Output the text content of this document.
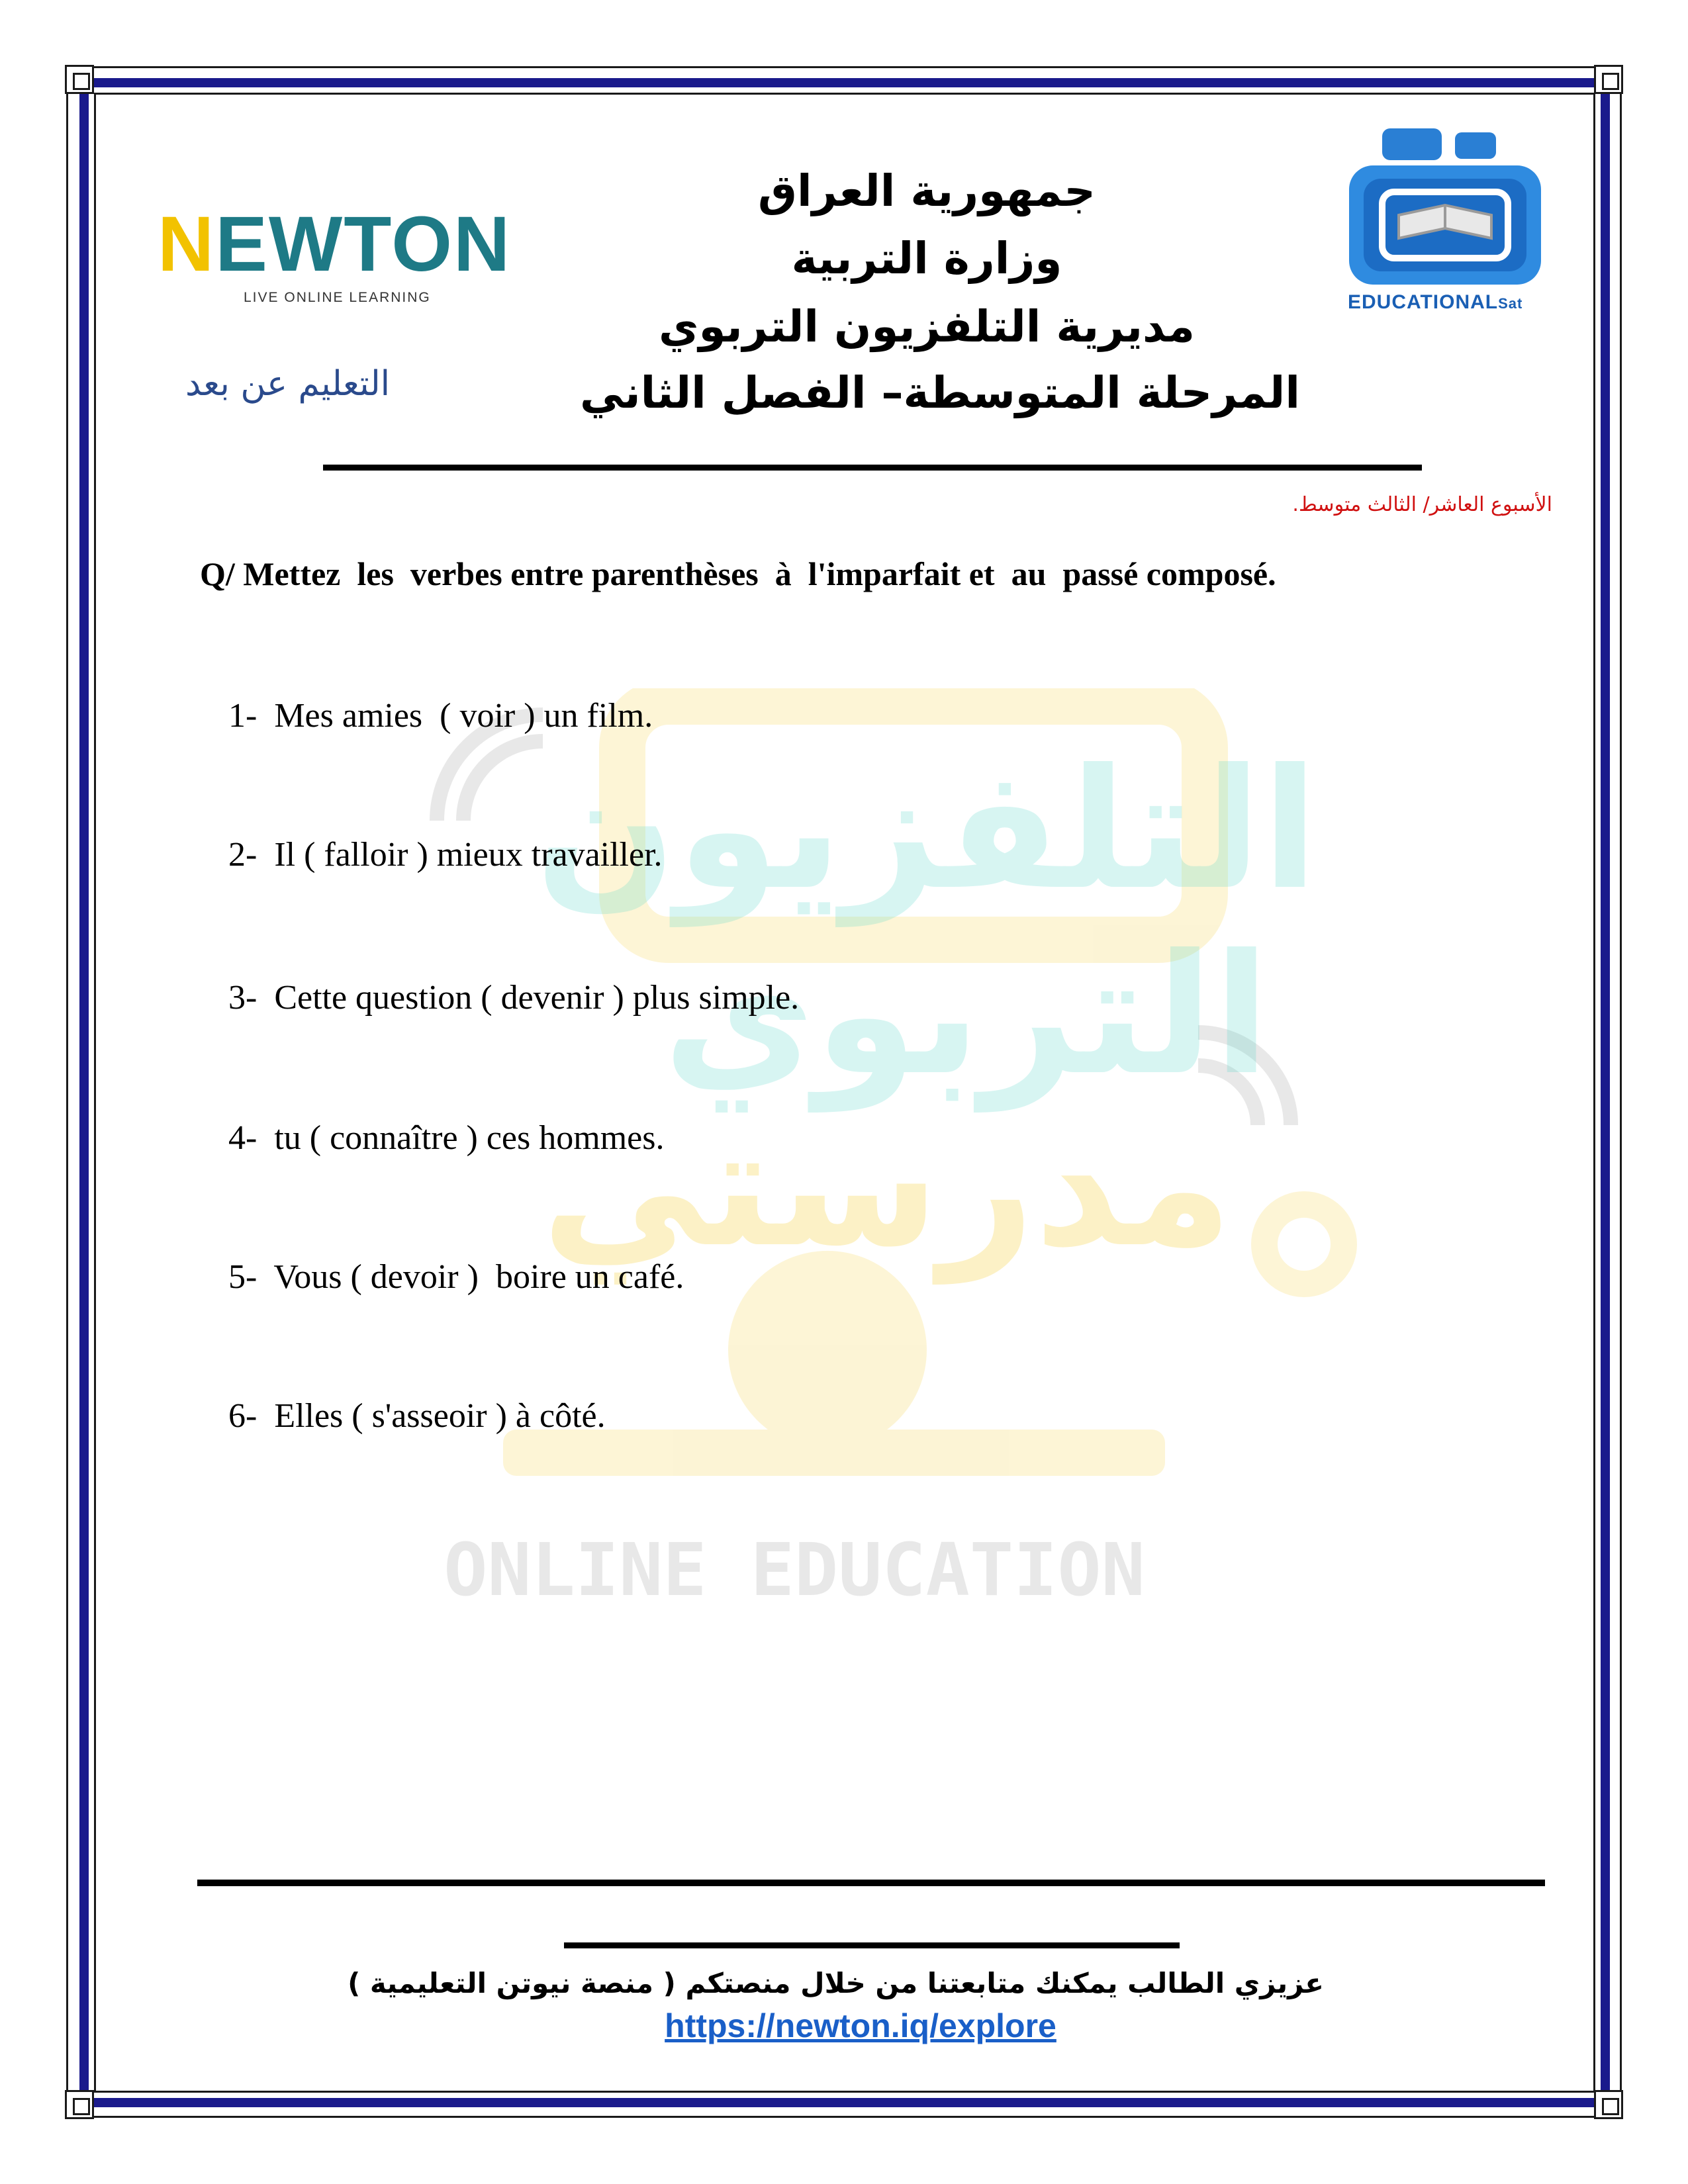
التلفزيون
التربوي
مدرستي
ONLINE EDUCATION
NEWTON
LIVE ONLINE LEARNING
التعليم عن بعد
EDUCATIONALSat
جمهورية العراق
وزارة التربية
مديرية التلفزيون التربوي
المرحلة المتوسطة– الفصل الثاني
الأسبوع العاشر/ الثالث متوسط.
Q/ Mettez  les  verbes entre parenthèses  à  l'imparfait et  au  passé composé.
1-  Mes amies  ( voir ) un film.
2-  Il ( falloir ) mieux travailler.
3-  Cette question ( devenir ) plus simple.
4-  tu ( connaître ) ces hommes.
5-  Vous ( devoir )  boire un café.
6-  Elles ( s'asseoir ) à côté.
عزيزي الطالب يمكنك متابعتنا من خلال منصتكم ( منصة نيوتن التعليمية )
https://newton.iq/explore
